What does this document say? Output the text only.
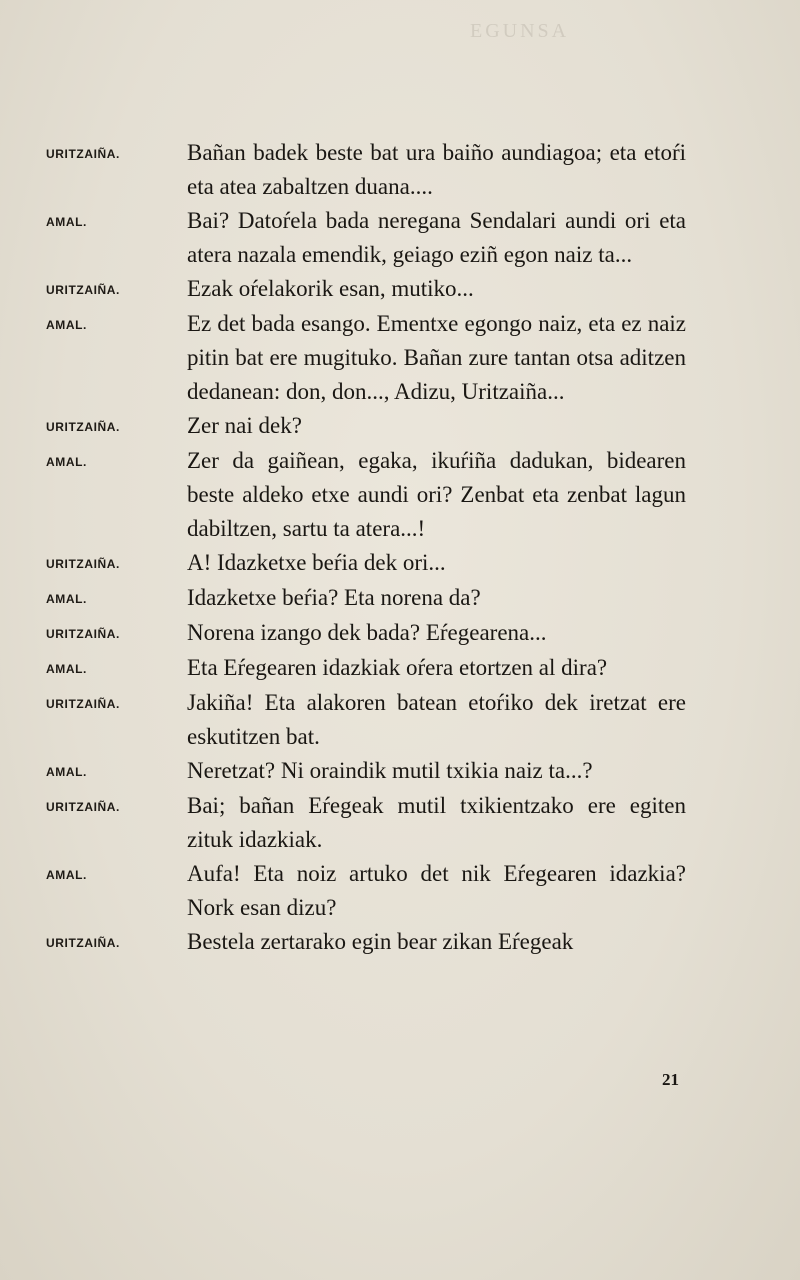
EGUNSA
URITZAIÑA.	Bañan badek beste bat ura baiño aundiagoa; eta etoŕi eta atea zabaltzen duana....
AMAL.	Bai? Datoŕela bada neregana Sendalari aundi ori eta atera nazala emendik, geiago eziñ egon naiz ta...
URITZAIÑA.	Ezak oŕelakorik esan, mutiko...
AMAL.	Ez det bada esango. Ementxe egongo naiz, eta ez naiz pitin bat ere mugituko. Bañan zure tantan otsa aditzen dedanean: don, don..., Adizu, Uritzaiña...
URITZAIÑA.	Zer nai dek?
AMAL.	Zer da gaiñean, egaka, ikuŕiña dadukan, bidearen beste aldeko etxe aundi ori? Zenbat eta zenbat lagun dabiltzen, sartu ta atera...!
URITZAIÑA.	A! Idazketxe beŕia dek ori...
AMAL.	Idazketxe beŕia? Eta norena da?
URITZAIÑA.	Norena izango dek bada? Eŕegearena...
AMAL.	Eta Eŕegearen idazkiak oŕera etortzen al dira?
URITZAIÑA.	Jakiña! Eta alakoren batean etoŕiko dek iretzat ere eskutitzen bat.
AMAL.	Neretzat? Ni oraindik mutil txikia naiz ta...?
URITZAIÑA.	Bai; bañan Eŕegeak mutil txikientzako ere egiten zituk idazkiak.
AMAL.	Aufa! Eta noiz artuko det nik Eŕegearen idazkia? Nork esan dizu?
URITZAIÑA.	Bestela zertarako egin bear zikan Eŕegeak
21
